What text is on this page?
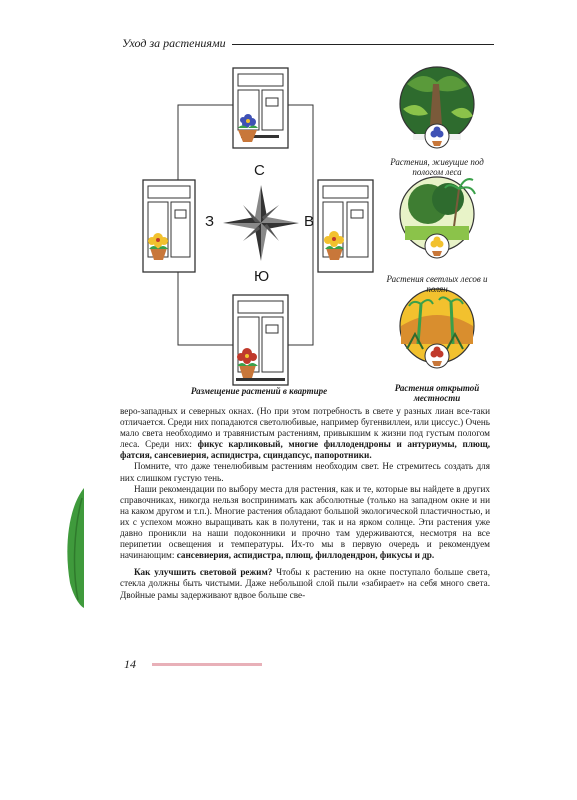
Уход за растениями
С
З	В
Ю
Размещение растений в квартире
Растения, живущие под пологом леса
Растения светлых лесов и полян
Растения открытой местности

веро-западных и северных окнах. (Но при этом потребность в свете у разных лиан все-таки отличается. Среди них попадаются светолюбивые, например бугенвиллеи, или циссус.) Очень мало света необходимо и травянистым растениям, привыкшим к жизни под густым пологом леса. Среди них: фикус карликовый, многие филлодендроны и антуриумы, плющ, фатсия, сансевиерия, аспидистра, сциндапсус, папоротники.

Помните, что даже тенелюбивым растениям необходим свет. Не стремитесь создать для них слишком густую тень.

Наши рекомендации по выбору места для растения, как и те, которые вы найдете в других справочниках, никогда нельзя воспринимать как абсолютные (только на западном окне и ни на каком другом и т.п.). Многие растения обладают большой экологической пластичностью, и их с успехом можно выращивать как в полутени, так и на ярком солнце. Эти растения уже давно проникли на наши подоконники и прочно там удерживаются, несмотря на все перипетии освещения и температуры. Их-то мы в первую очередь и рекомендуем начинающим: сансевиерия, аспидистра, плющ, филлодендрон, фикусы и др.

Как улучшить световой режим? Чтобы к растению на окне поступало больше света, стекла должны быть чистыми. Даже небольшой слой пыли «забирает» на себя много света. Двойные рамы задерживают вдвое больше све-

14
